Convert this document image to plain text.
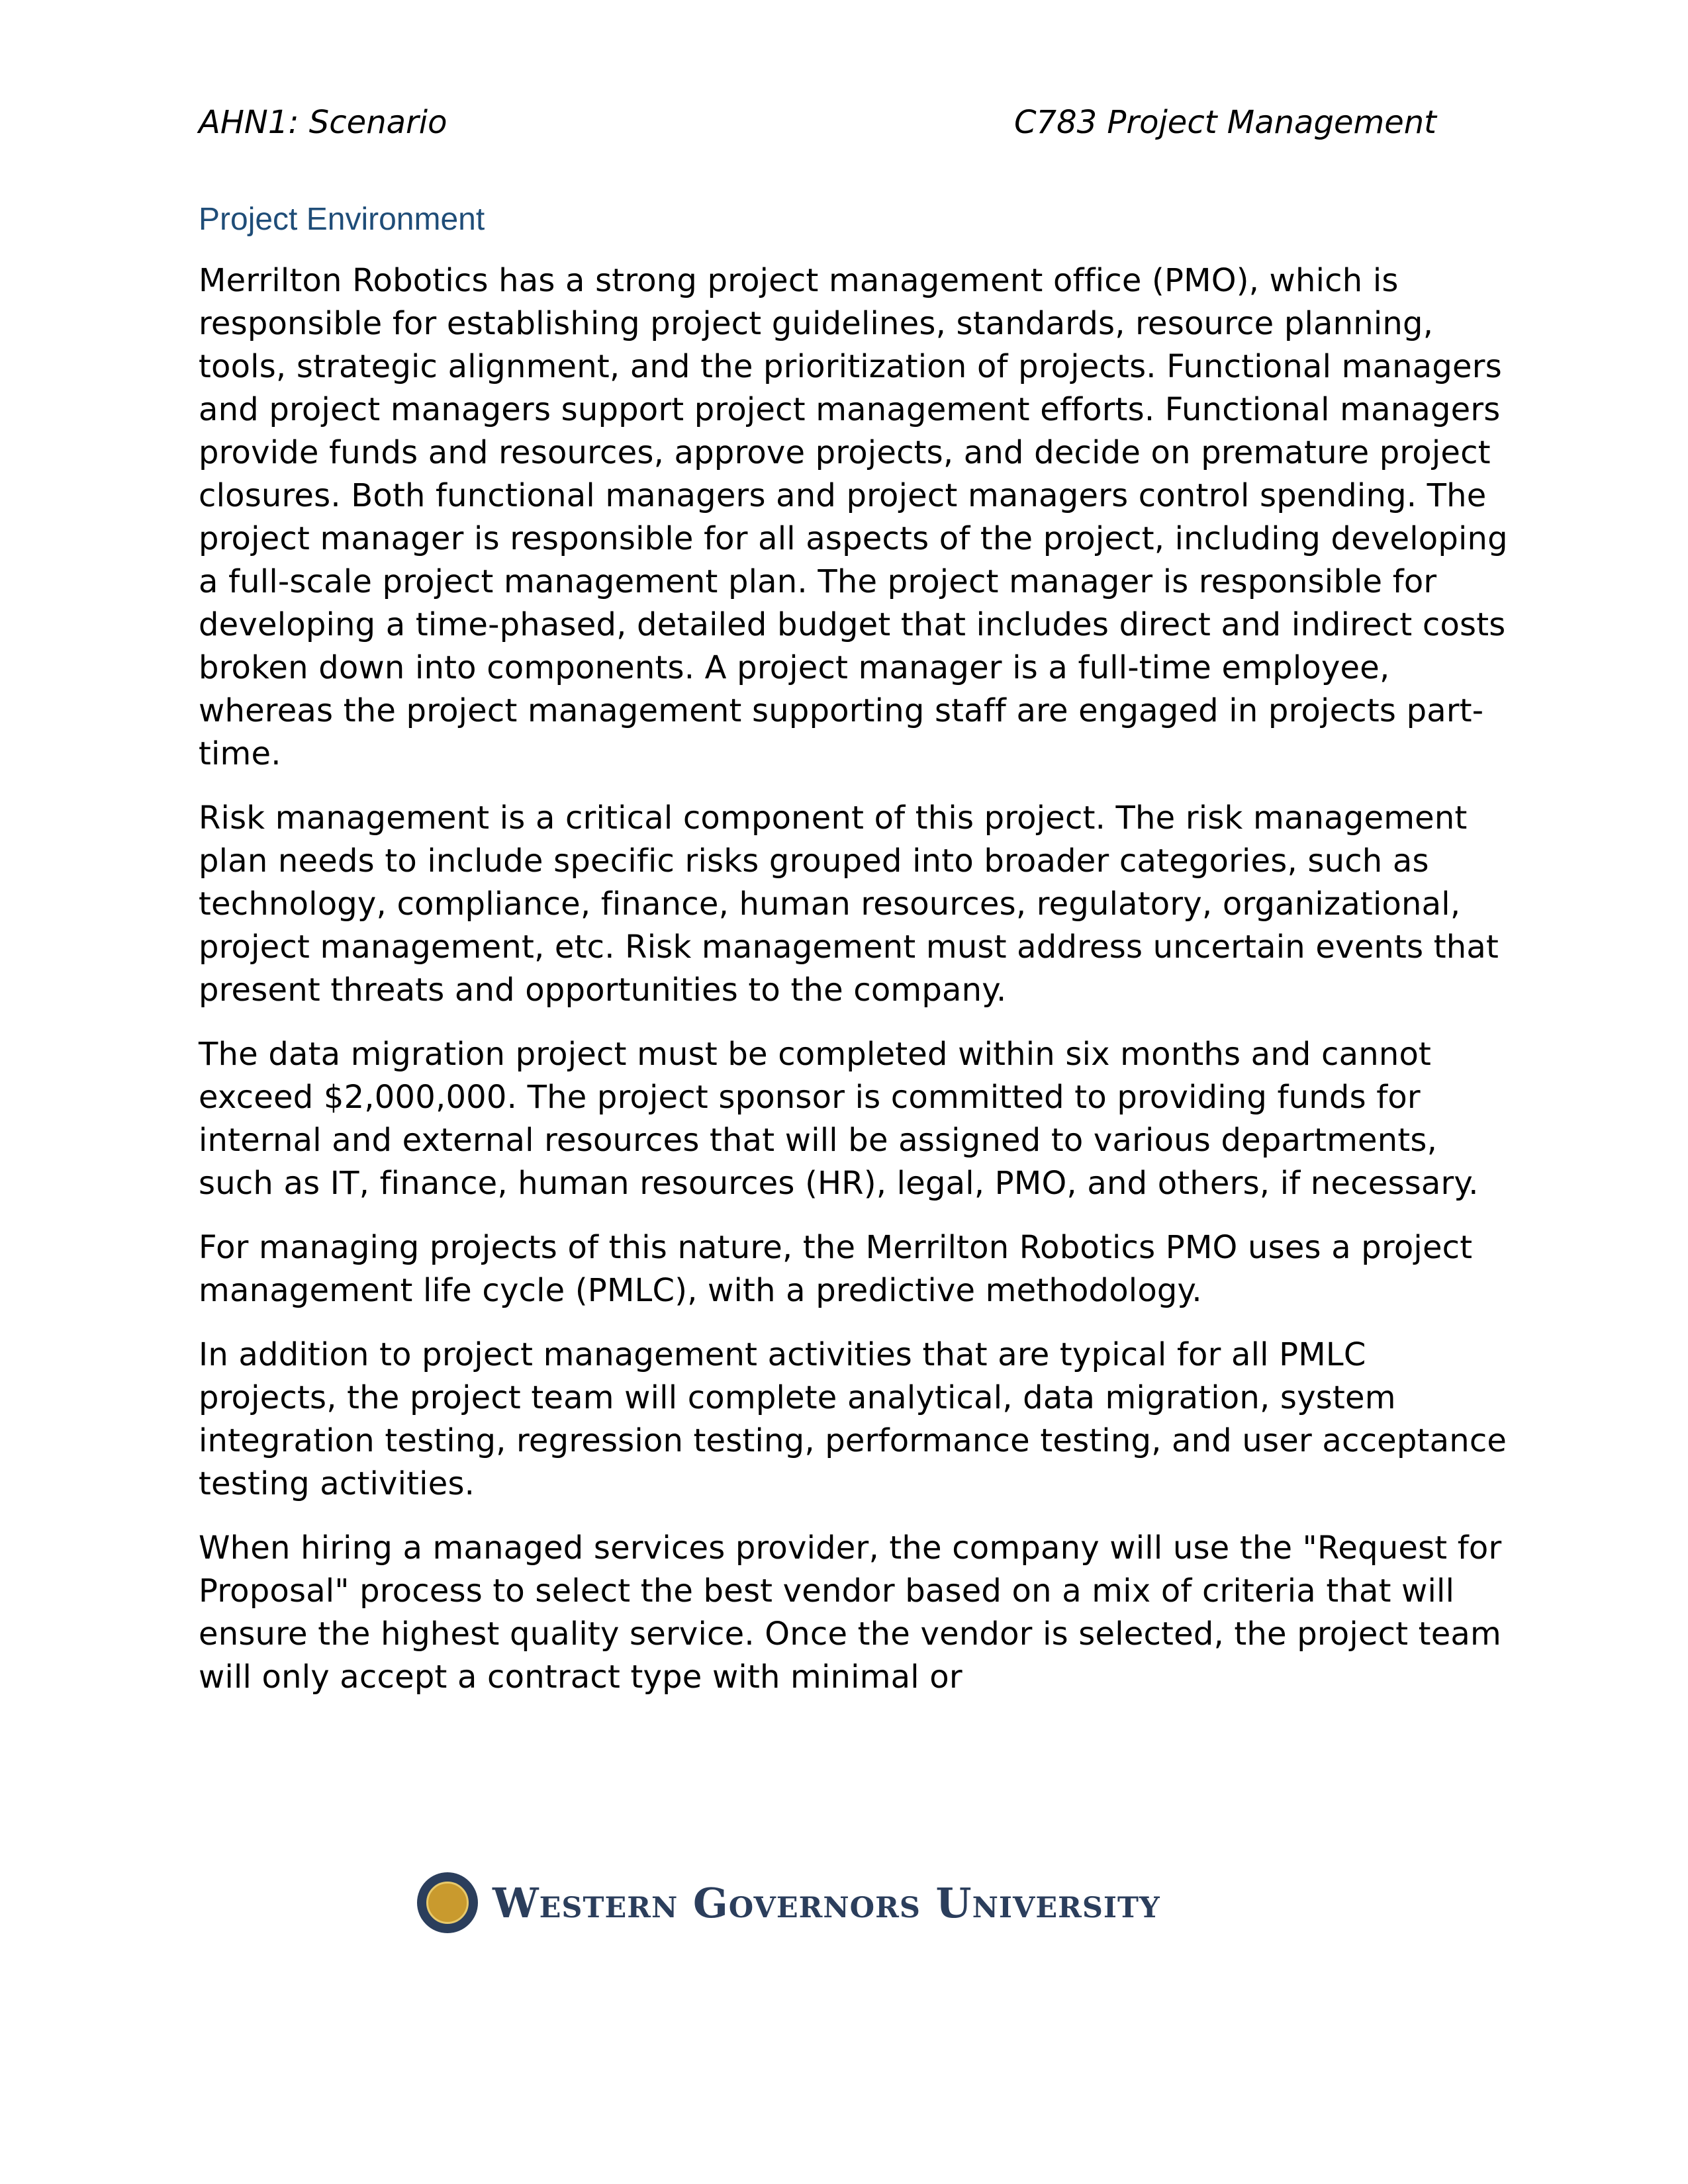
AHN1: Scenario	C783 Project Management
Project Environment

Merrilton Robotics has a strong project management office (PMO), which is responsible for establishing project guidelines, standards, resource planning, tools, strategic alignment, and the prioritization of projects. Functional managers and project managers support project management efforts. Functional managers provide funds and resources, approve projects, and decide on premature project closures. Both functional managers and project managers control spending. The project manager is responsible for all aspects of the project, including developing a full-scale project management plan. The project manager is responsible for developing a time-phased, detailed budget that includes direct and indirect costs broken down into components. A project manager is a full-time employee, whereas the project management supporting staff are engaged in projects part-time.

Risk management is a critical component of this project. The risk management plan needs to include specific risks grouped into broader categories, such as technology, compliance, finance, human resources, regulatory, organizational, project management, etc. Risk management must address uncertain events that present threats and opportunities to the company.

The data migration project must be completed within six months and cannot exceed $2,000,000. The project sponsor is committed to providing funds for internal and external resources that will be assigned to various departments, such as IT, finance, human resources (HR), legal, PMO, and others, if necessary.

For managing projects of this nature, the Merrilton Robotics PMO uses a project management life cycle (PMLC), with a predictive methodology.

In addition to project management activities that are typical for all PMLC projects, the project team will complete analytical, data migration, system integration testing, regression testing, performance testing, and user acceptance testing activities.

When hiring a managed services provider, the company will use the "Request for Proposal" process to select the best vendor based on a mix of criteria that will ensure the highest quality service. Once the vendor is selected, the project team will only accept a contract type with minimal or

Western Governors University
